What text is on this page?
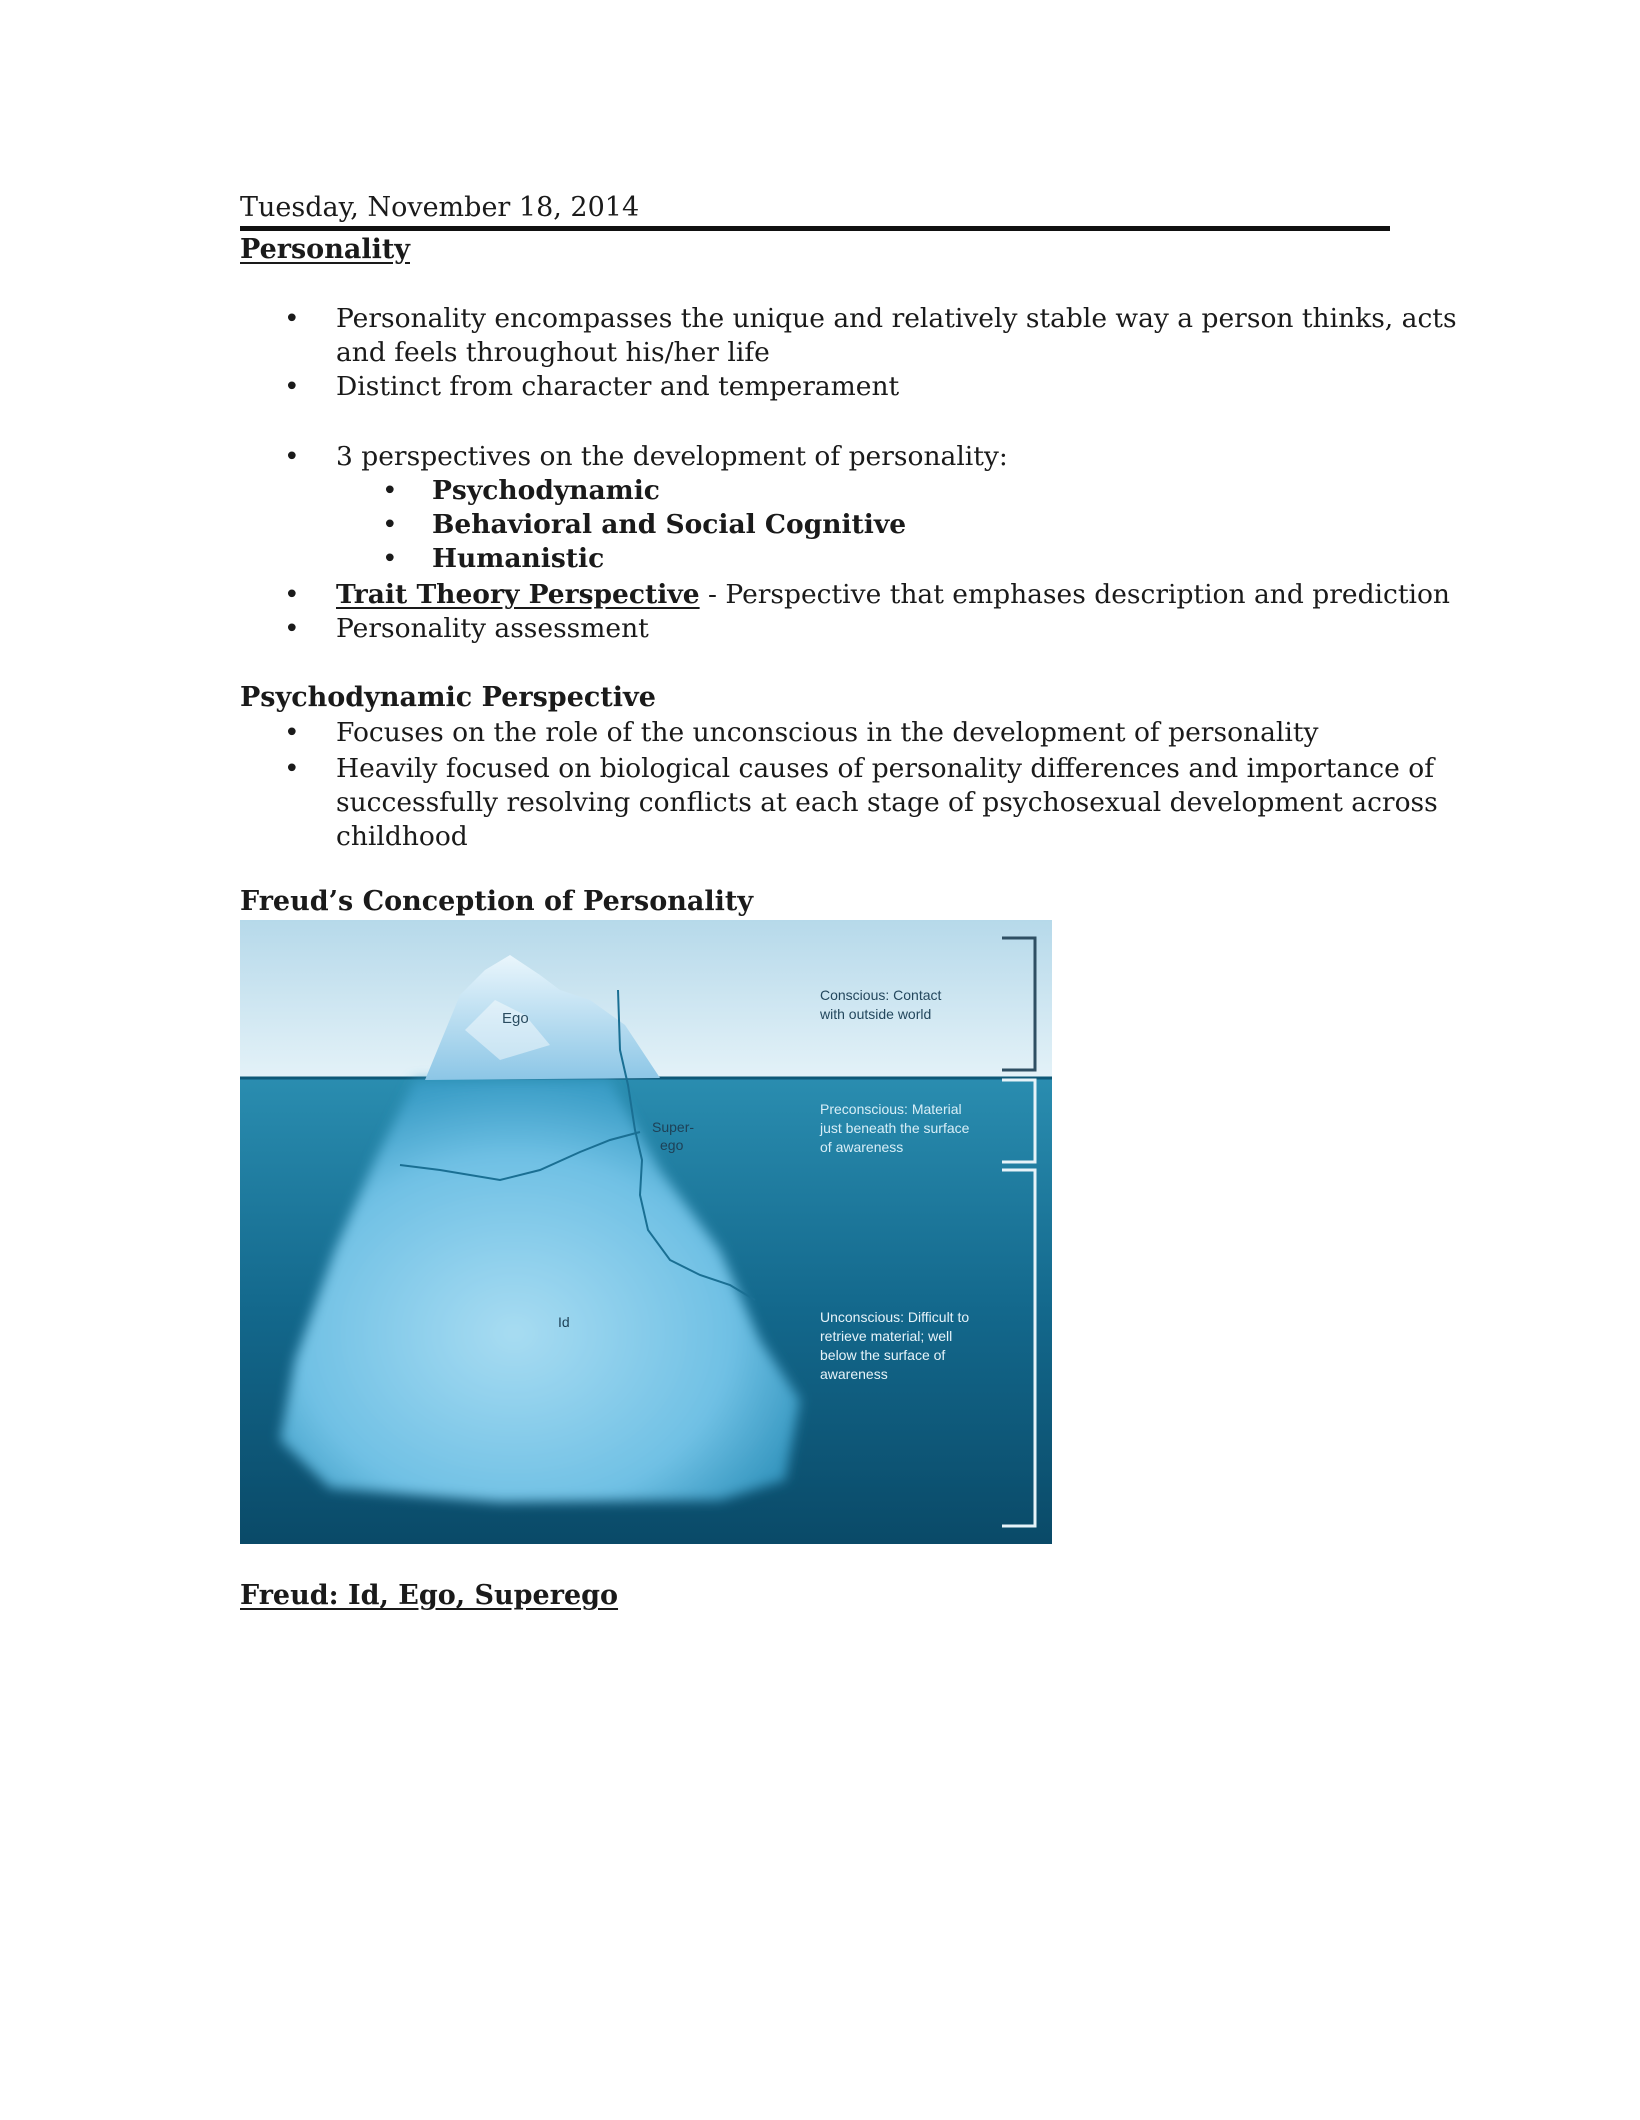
Tuesday, November 18, 2014
Personality
• Personality encompasses the unique and relatively stable way a person thinks, acts
and feels throughout his/her life
• Distinct from character and temperament
• 3 perspectives on the development of personality:
• Psychodynamic
• Behavioral and Social Cognitive
• Humanistic
• Trait Theory Perspective - Perspective that emphases description and prediction
• Personality assessment
Psychodynamic Perspective
• Focuses on the role of the unconscious in the development of personality
• Heavily focused on biological causes of personality differences and importance of
successfully resolving conflicts at each stage of psychosexual development across
childhood
Freud’s Conception of Personality
Ego
Super-
ego
Id
Conscious: Contact
with outside world
Preconscious: Material
just beneath the surface
of awareness
Unconscious: Difficult to
retrieve material; well
below the surface of
awareness
Freud: Id, Ego, Superego
